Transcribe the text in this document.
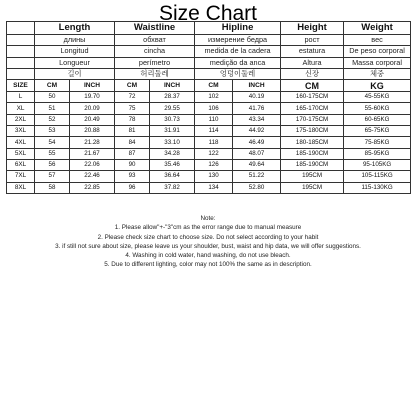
Size Chart
	Length		Waistline		Hipline		Height	Weight
	длины		обхват		измерение бедра		рост	вес
	Longitud		cincha		medida de la cadera		estatura	De peso corporal
	Longueur		perímetro		medição da anca		Altura	Massa corporal
	길이		허리둘레		엉덩이둘레		신장	체중
SIZE	CM	INCH	CM	INCH	CM	INCH	CM	KG
L	50	19.70	72	28.37	102	40.19	160-175CM	45-55KG
XL	51	20.09	75	29.55	106	41.76	165-170CM	55-60KG
2XL	52	20.49	78	30.73	110	43.34	170-175CM	60-65KG
3XL	53	20.88	81	31.91	114	44.92	175-180CM	65-75KG
4XL	54	21.28	84	33.10	118	46.49	180-185CM	75-85KG
5XL	55	21.67	87	34.28	122	48.07	185-190CM	85-95KG
6XL	56	22.06	90	35.46	126	49.64	185-190CM	95-105KG
7XL	57	22.46	93	36.64	130	51.22	195CM	105-115KG
8XL	58	22.85	96	37.82	134	52.80	195CM	115-130KG
Note:
1. Please allow"+-"3"cm as the error range due to manual measure
2. Please check size chart to choose size. Do not select according to your habit
3. if still not sure about size, please leave us your shoulder, bust, waist and hip data, we will offer suggestions.
4. Washing in cold water, hand washing, do not use bleach.
5. Due to different lighting, color may not 100% the same as in description.
